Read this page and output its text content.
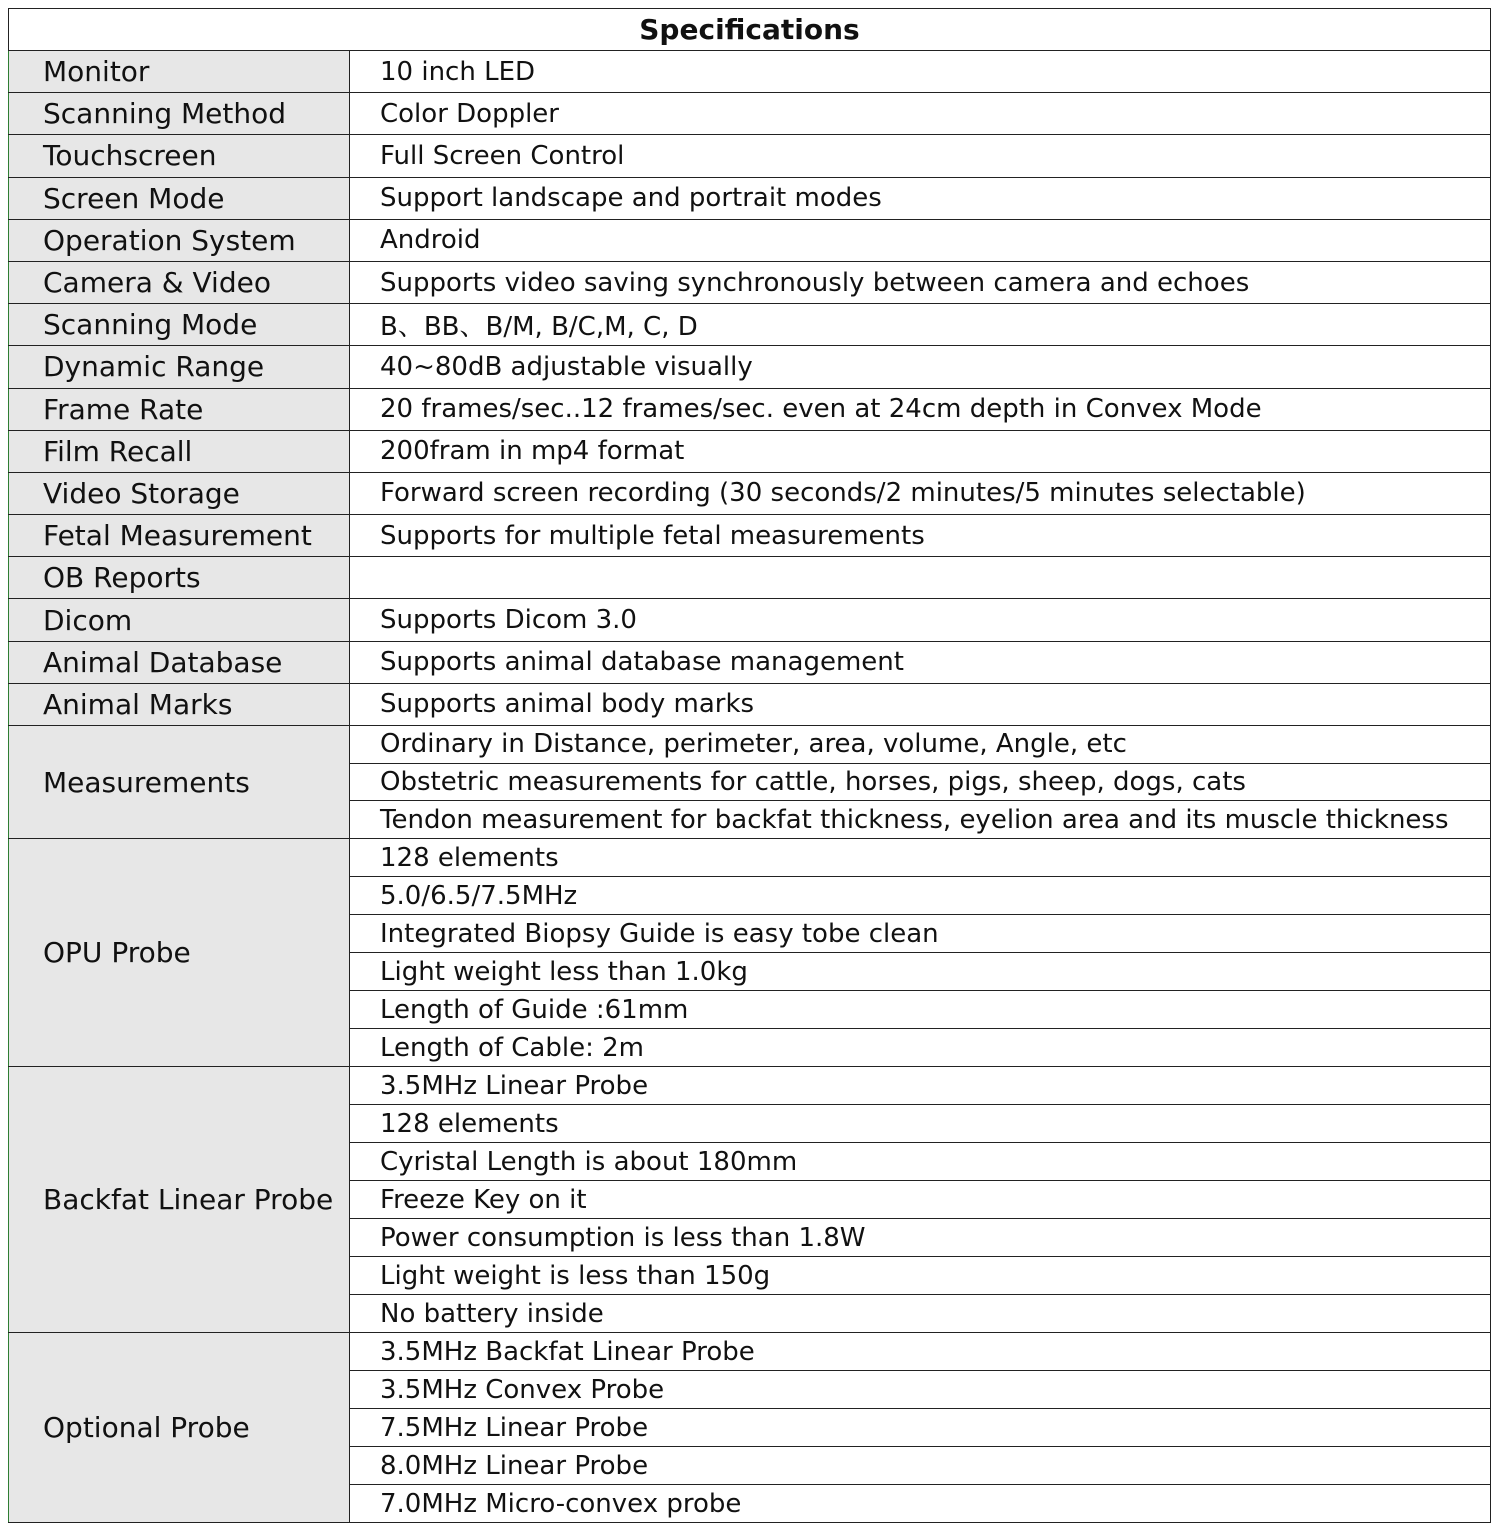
Specifications	
Monitor	10 inch LED
Scanning Method	Color Doppler
Touchscreen	Full Screen Control
Screen Mode	Support landscape and portrait modes
Operation System	Android
Camera & Video	Supports video saving synchronously between camera and echoes
Scanning Mode	B、BB、B/M, B/C,M, C, D
Dynamic Range	40~80dB adjustable visually
Frame Rate	20 frames/sec..12 frames/sec. even at 24cm depth in Convex Mode
Film Recall	200fram in mp4 format
Video Storage	Forward screen recording (30 seconds/2 minutes/5 minutes selectable)
Fetal Measurement	Supports for multiple fetal measurements
OB Reports	
Dicom	Supports Dicom 3.0
Animal Database	Supports animal database management
Animal Marks	Supports animal body marks
Measurements	Ordinary in Distance, perimeter, area, volume, Angle, etc
	Obstetric measurements for cattle, horses, pigs, sheep, dogs, cats
	Tendon measurement for backfat thickness, eyelion area and its muscle thickness
OPU Probe	128 elements
	5.0/6.5/7.5MHz
	Integrated Biopsy Guide is easy tobe clean
	Light weight less than 1.0kg
	Length of Guide :61mm
	Length of Cable: 2m
Backfat Linear Probe	3.5MHz Linear Probe
	128 elements
	Cyristal Length is about 180mm
	Freeze Key on it
	Power consumption is less than 1.8W
	Light weight is less than 150g
	No battery inside
Optional Probe	3.5MHz Backfat Linear Probe
	3.5MHz Convex Probe
	7.5MHz Linear Probe
	8.0MHz Linear Probe
	7.0MHz Micro-convex probe
